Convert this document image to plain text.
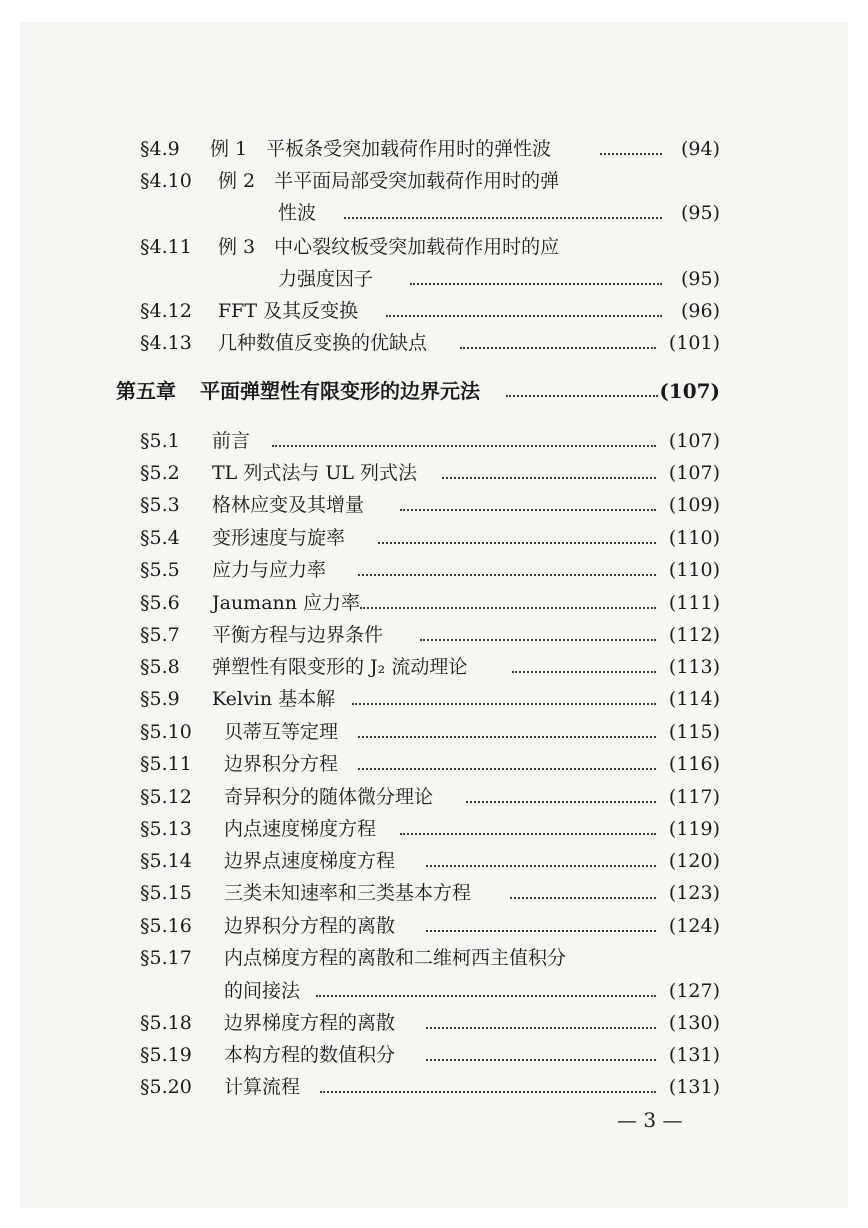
§4.9 例 1　平板条受突加载荷作用时的弹性波	(94)
§4.10 例 2　半平面局部受突加载荷作用时的弹
性波	(95)
§4.11 例 3　中心裂纹板受突加载荷作用时的应
力强度因子	(95)
§4.12 FFT 及其反变换	(96)
§4.13 几种数值反变换的优缺点	(101)
第五章 平面弹塑性有限变形的边界元法	(107)
§5.1 前言	(107)
§5.2 TL 列式法与 UL 列式法	(107)
§5.3 格林应变及其增量	(109)
§5.4 变形速度与旋率	(110)
§5.5 应力与应力率	(110)
§5.6 Jaumann 应力率	(111)
§5.7 平衡方程与边界条件	(112)
§5.8 弹塑性有限变形的 J₂ 流动理论	(113)
§5.9 Kelvin 基本解	(114)
§5.10 贝蒂互等定理	(115)
§5.11 边界积分方程	(116)
§5.12 奇异积分的随体微分理论	(117)
§5.13 内点速度梯度方程	(119)
§5.14 边界点速度梯度方程	(120)
§5.15 三类未知速率和三类基本方程	(123)
§5.16 边界积分方程的离散	(124)
§5.17 内点梯度方程的离散和二维柯西主值积分
的间接法	(127)
§5.18 边界梯度方程的离散	(130)
§5.19 本构方程的数值积分	(131)
§5.20 计算流程	(131)
— 3 —
